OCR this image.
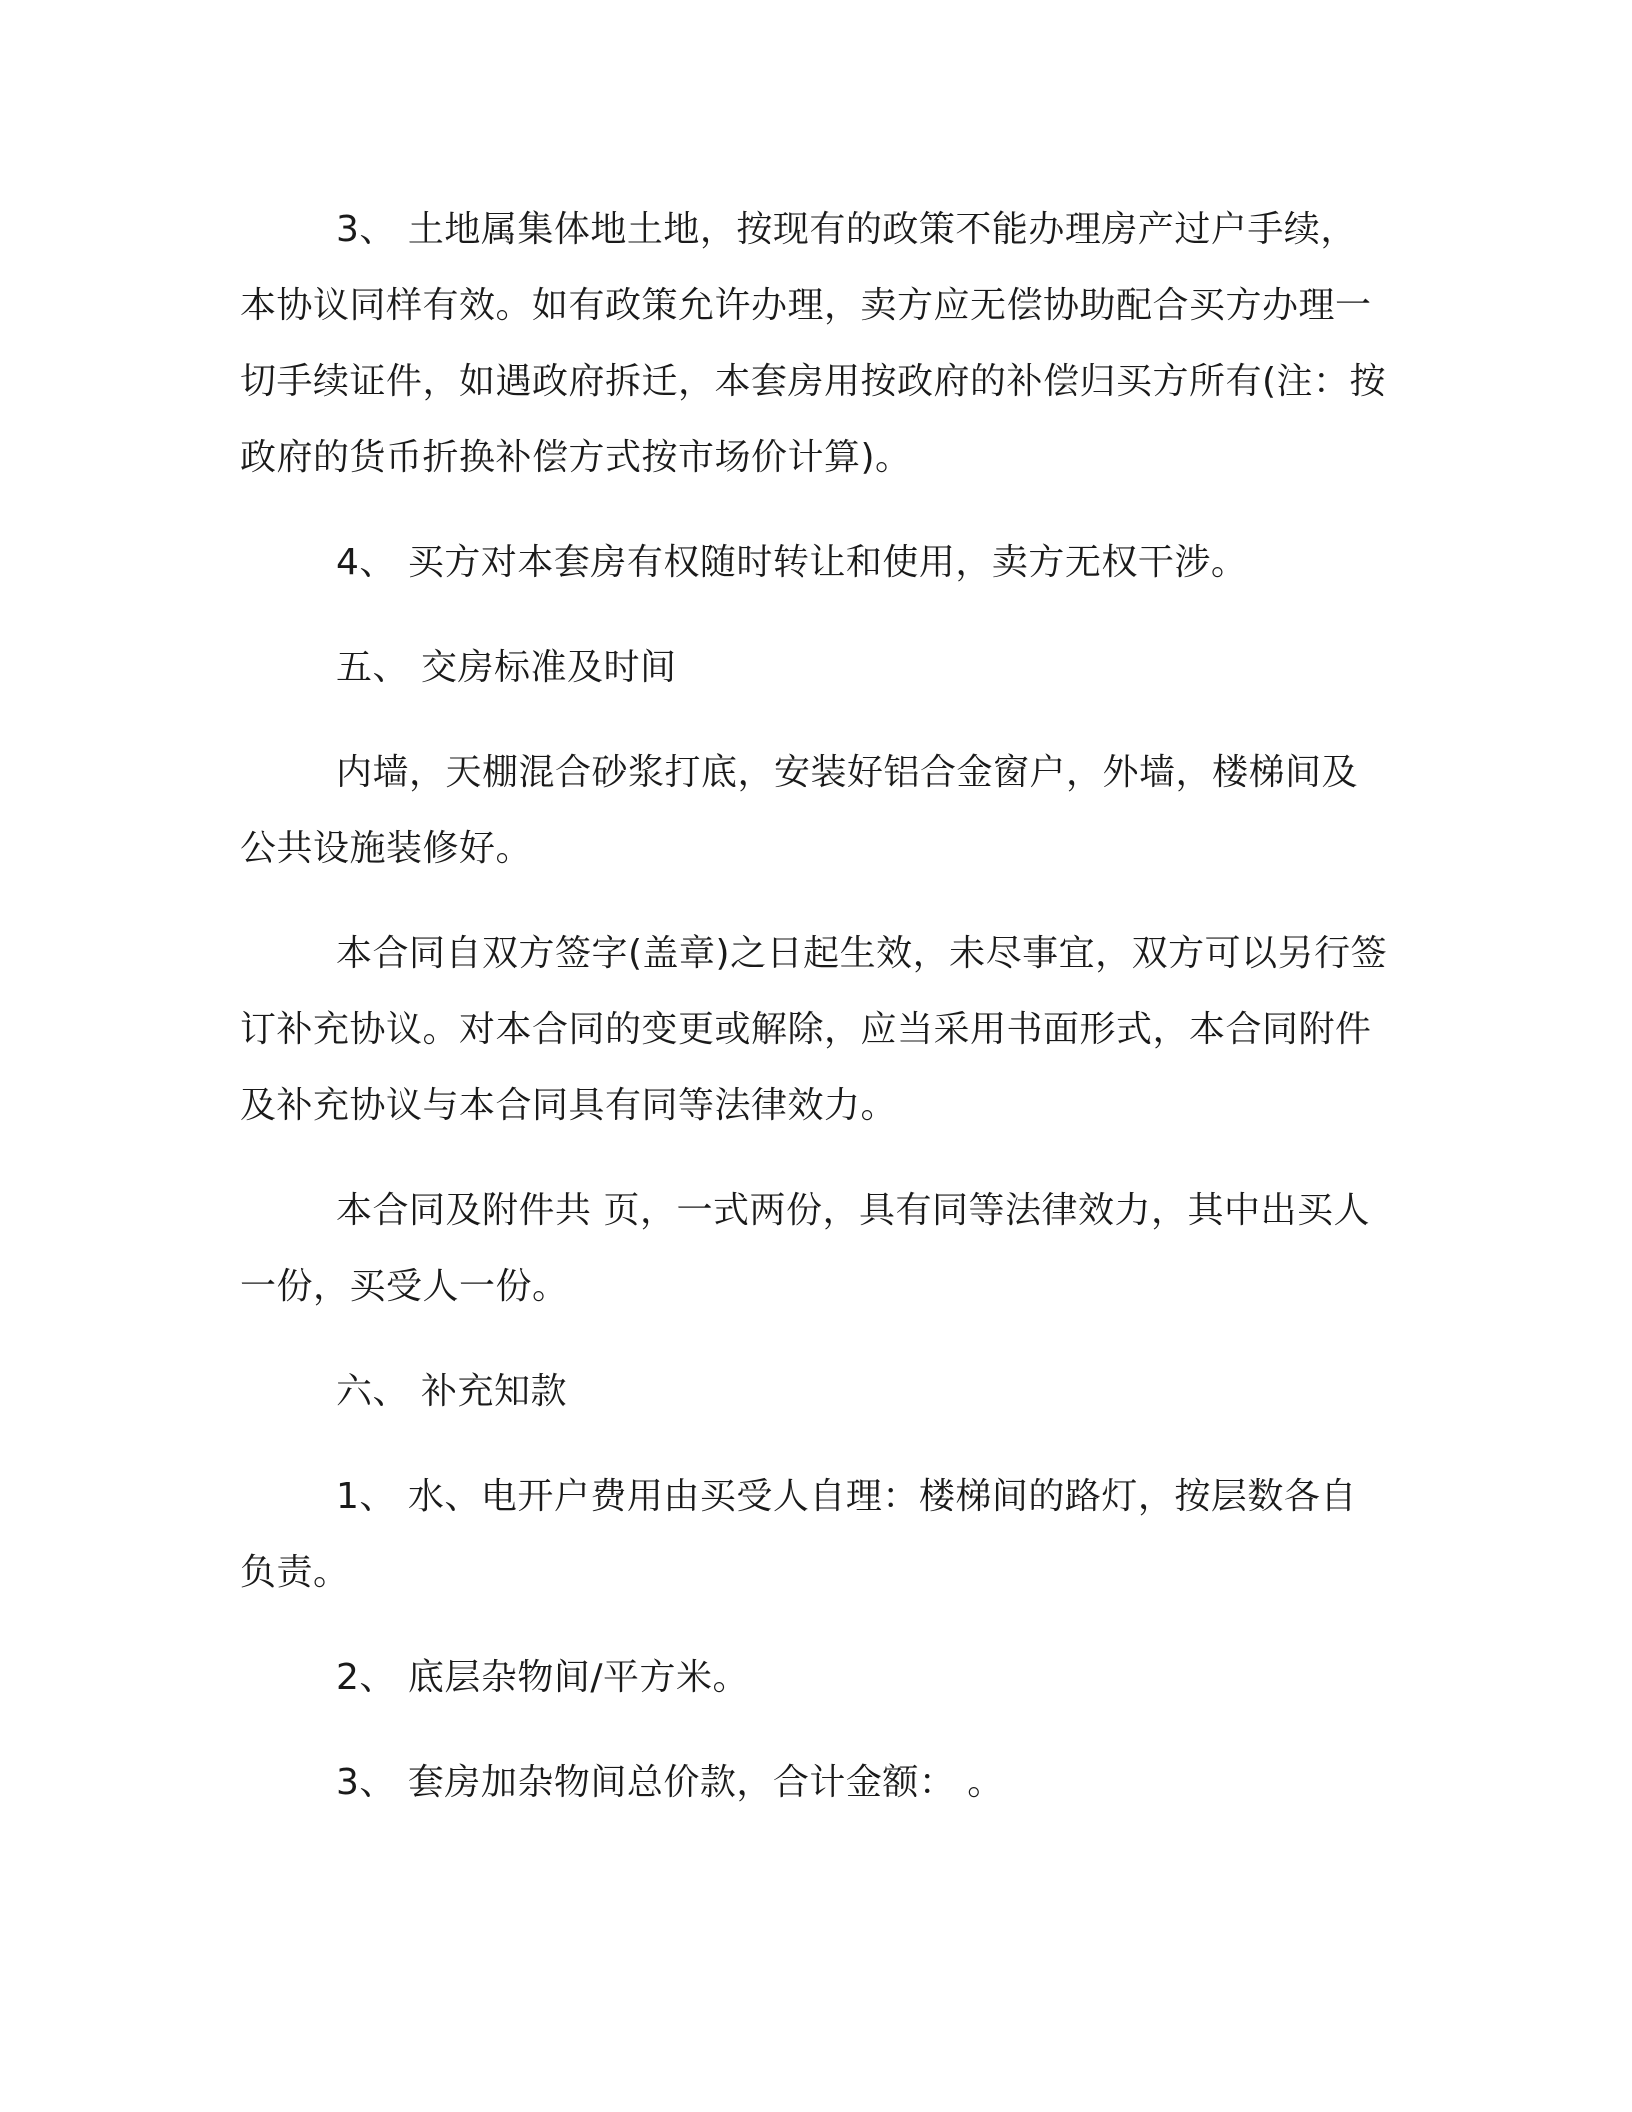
3、 土地属集体地土地，按现有的政策不能办理房产过户手续，本协议同样有效。如有政策允许办理，卖方应无偿协助配合买方办理一切手续证件，如遇政府拆迁，本套房用按政府的补偿归买方所有(注：按政府的货币折换补偿方式按市场价计算)。

4、 买方对本套房有权随时转让和使用，卖方无权干涉。

五、 交房标准及时间

内墙，天棚混合砂浆打底，安装好铝合金窗户，外墙，楼梯间及公共设施装修好。

本合同自双方签字(盖章)之日起生效，未尽事宜，双方可以另行签订补充协议。对本合同的变更或解除，应当采用书面形式，本合同附件及补充协议与本合同具有同等法律效力。

本合同及附件共 页，一式两份，具有同等法律效力，其中出买人一份，买受人一份。

六、 补充知款

1、 水、电开户费用由买受人自理：楼梯间的路灯，按层数各自负责。

2、 底层杂物间/平方米。

3、 套房加杂物间总价款，合计金额： 。
